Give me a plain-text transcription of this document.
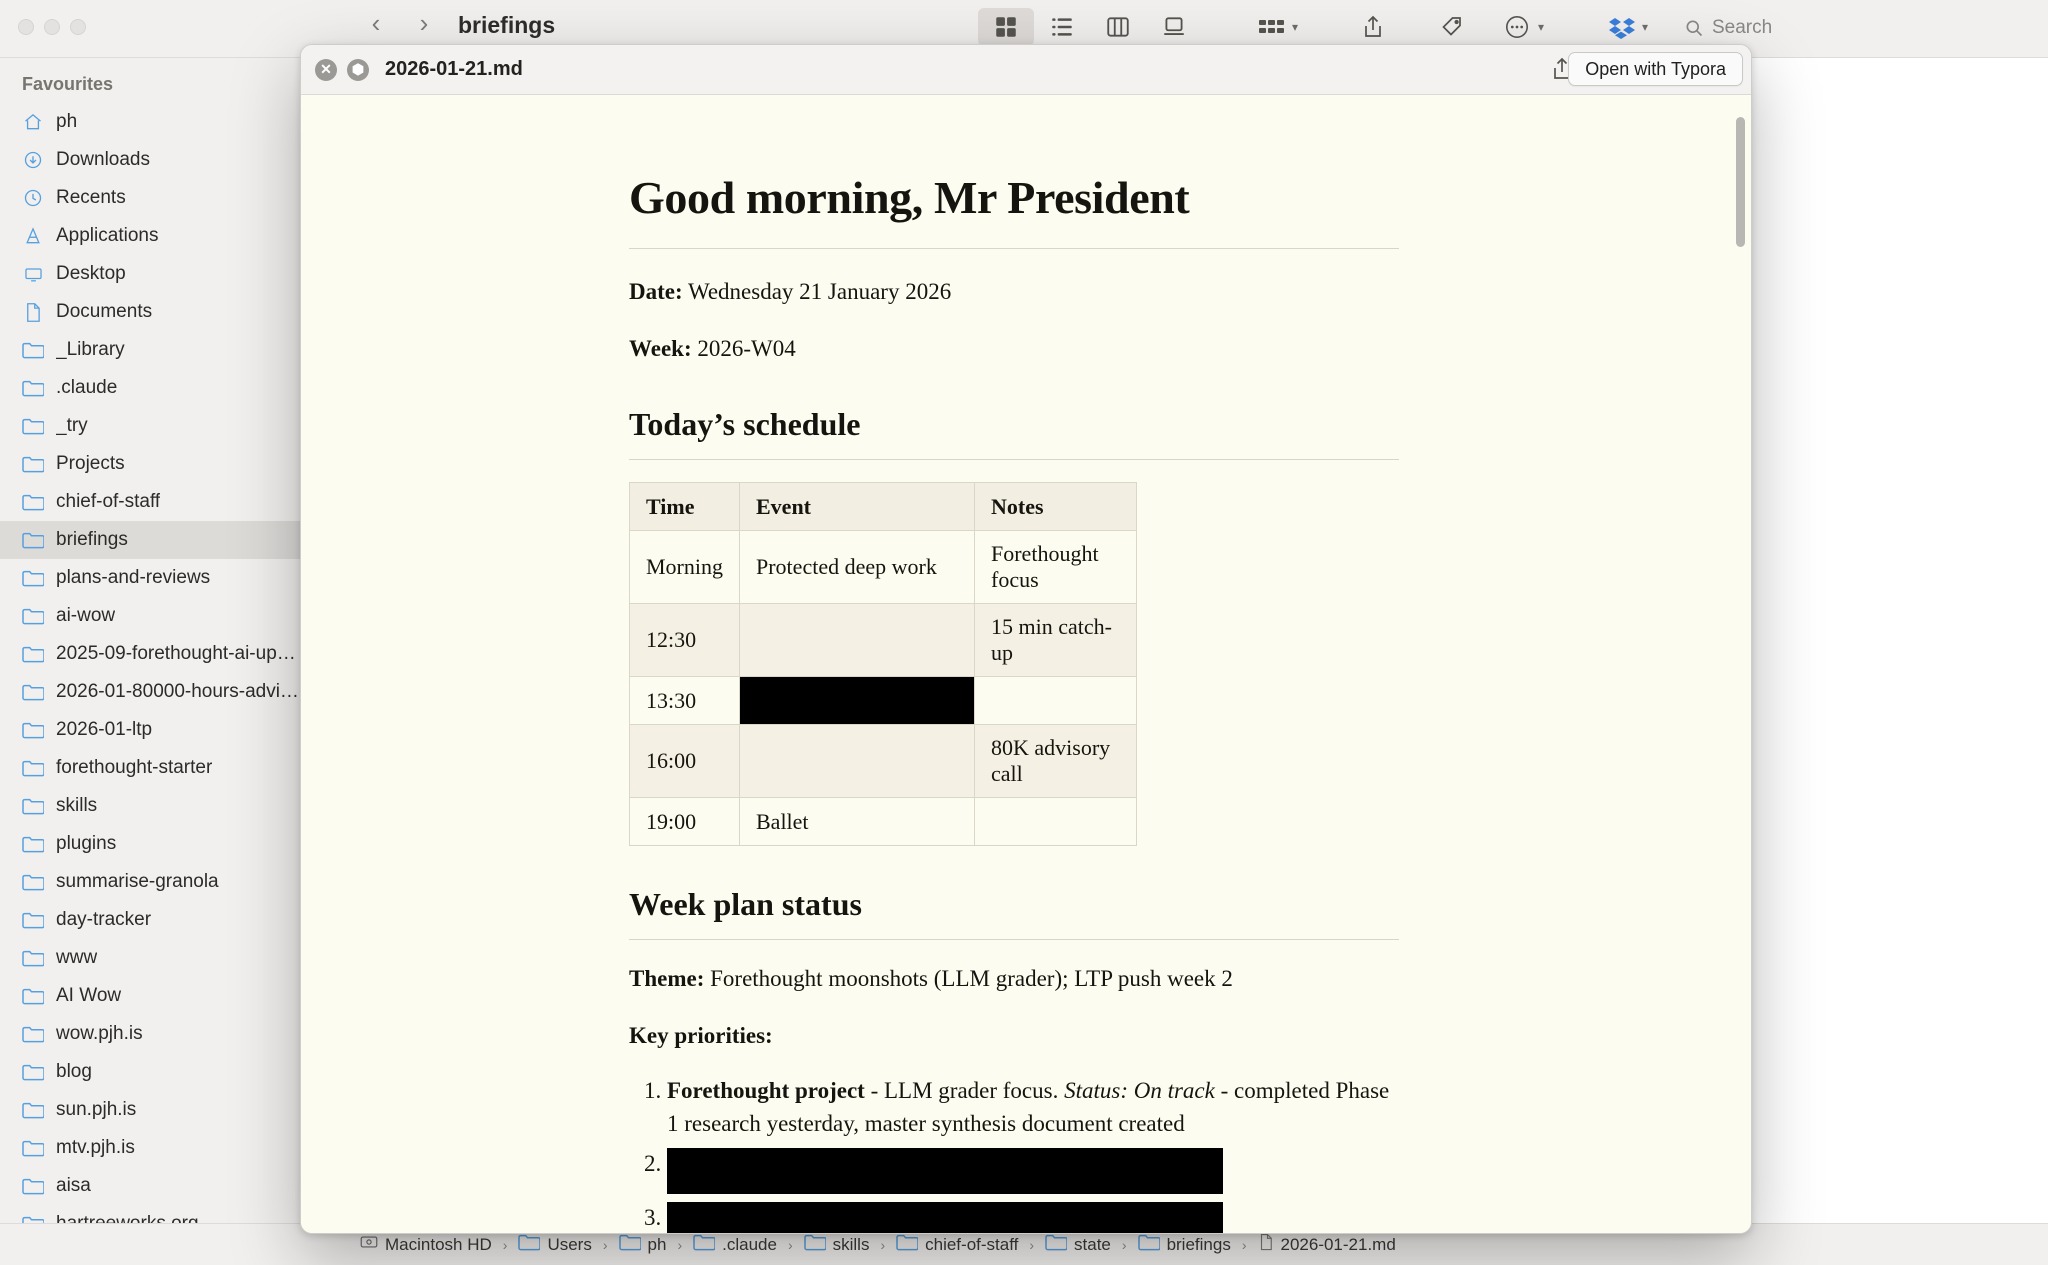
‹ › briefings	▾	▾	▾	Search
Favourites
ph
Downloads
Recents
Applications
Desktop
Documents
_Library
.claude
_try
Projects
chief-of-staff
briefings
plans-and-reviews
ai-wow
2025-09-forethought-ai-up…
2026-01-80000-hours-advi…
2026-01-ltp
forethought-starter
skills
plugins
summarise-granola
day-tracker
www
AI Wow
wow.pjh.is
blog
sun.pjh.is
mtv.pjh.is
aisa
Macintosh HD › Users › ph › .claude › skills › chief-of-staff › state › briefings › 2026-01-21.md
✕	⬢ 2026-01-21.md	Open with Typora
Good morning, Mr President

Date: Wednesday 21 January 2026

Week: 2026-W04

Today’s schedule
Time	Event	Notes
Morning	Protected deep work	Forethought focus
12:30		15 min catch-up
13:30		
16:00		80K advisory call
19:00	Ballet	
Week plan status

Theme: Forethought moonshots (LLM grader); LTP push week 2

Key priorities:

1. Forethought project - LLM grader focus. Status: On track - completed Phase 1 research yesterday, master synthesis document created
2.
3.
